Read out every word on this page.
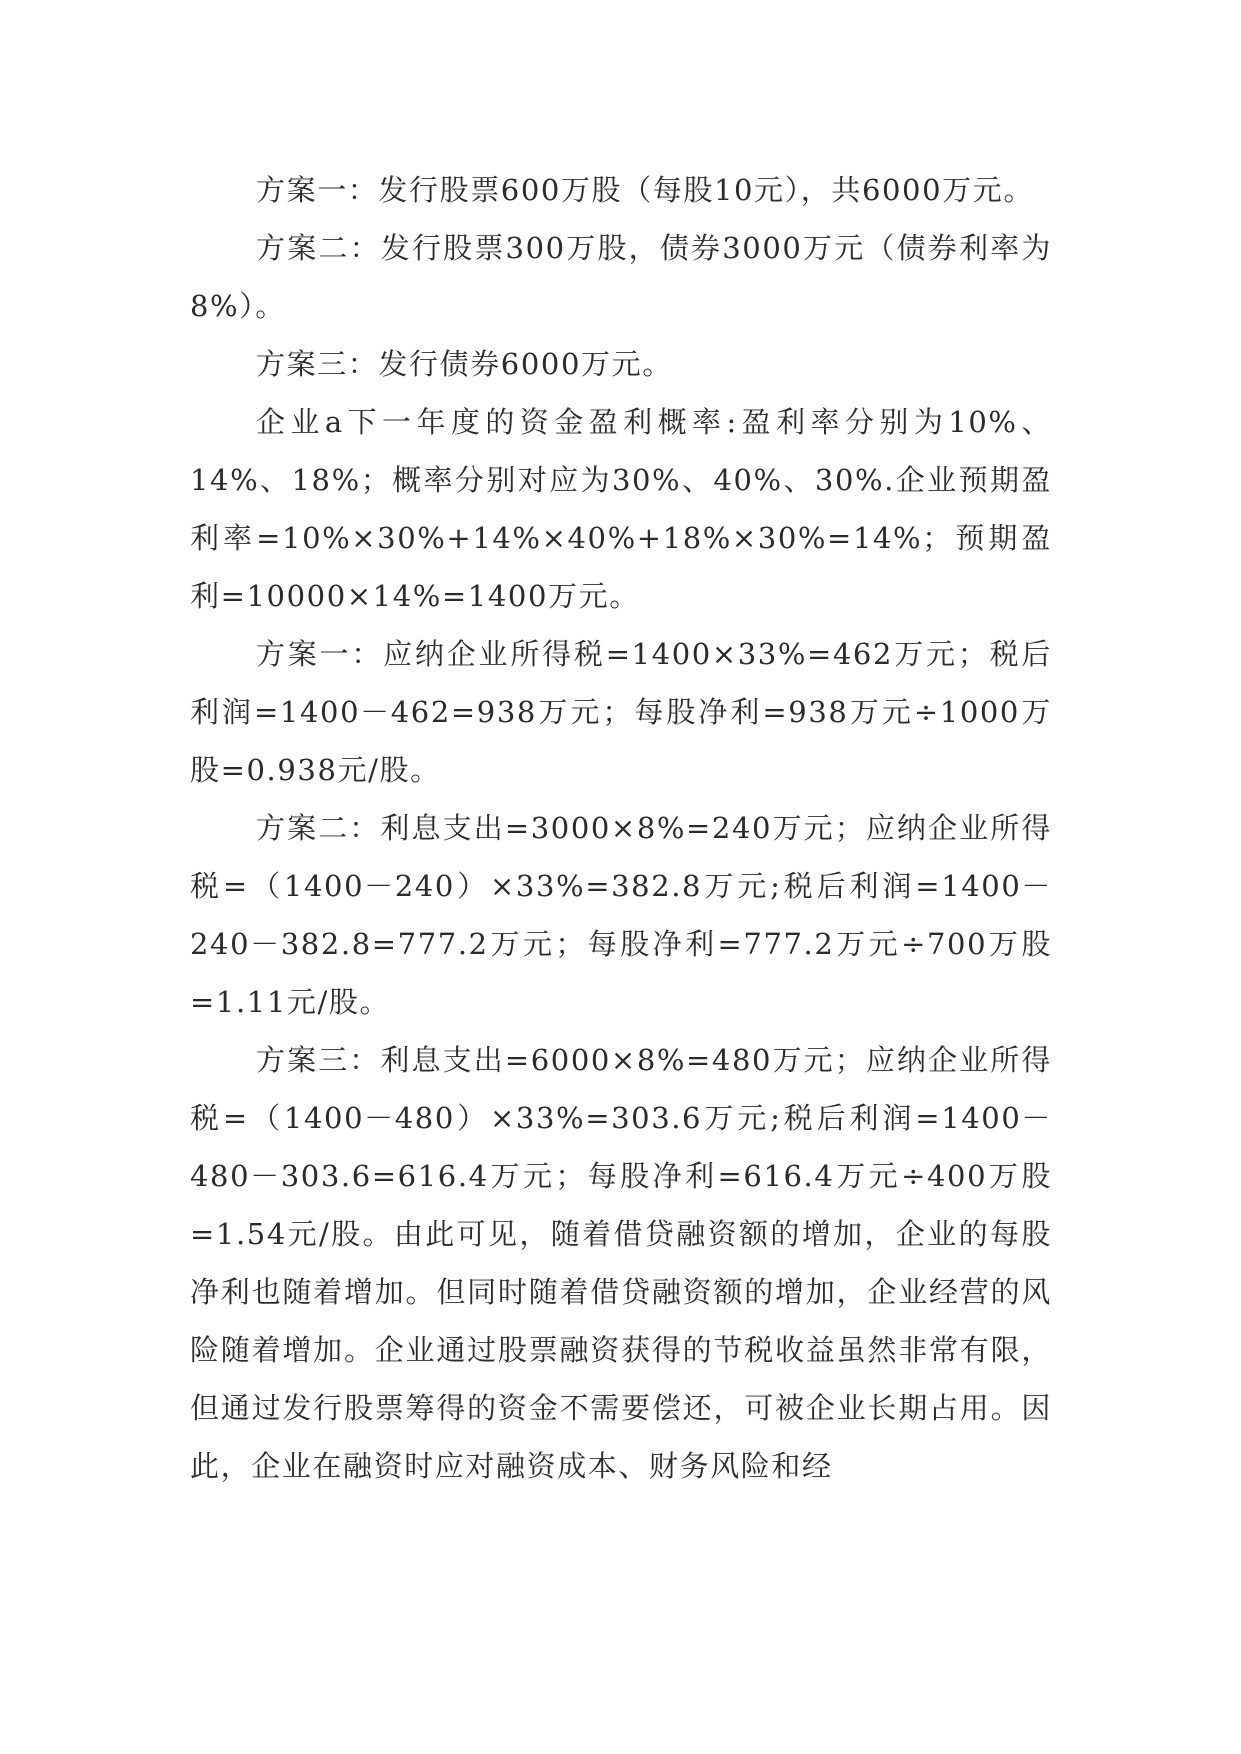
方案一：发行股票600万股（每股10元），共6000万元。

方案二：发行股票300万股，债券3000万元（债券利率为8%）。

方案三：发行债券6000万元。

企业a下一年度的资金盈利概率:盈利率分别为10%、14%、18%；概率分别对应为30%、40%、30%.企业预期盈利率=10%×30%+14%×40%+18%×30%=14%；预期盈利=10000×14%=1400万元。

方案一：应纳企业所得税=1400×33%=462万元；税后利润=1400－462=938万元；每股净利=938万元÷1000万股=0.938元/股。

方案二：利息支出=3000×8%=240万元；应纳企业所得税=（1400－240）×33%=382.8万元;税后利润=1400－240－382.8=777.2万元；每股净利=777.2万元÷700万股=1.11元/股。

方案三：利息支出=6000×8%=480万元；应纳企业所得税=（1400－480）×33%=303.6万元;税后利润=1400－480－303.6=616.4万元；每股净利=616.4万元÷400万股=1.54元/股。由此可见，随着借贷融资额的增加，企业的每股净利也随着增加。但同时随着借贷融资额的增加，企业经营的风险随着增加。企业通过股票融资获得的节税收益虽然非常有限，但通过发行股票筹得的资金不需要偿还，可被企业长期占用。因此，企业在融资时应对融资成本、财务风险和经
